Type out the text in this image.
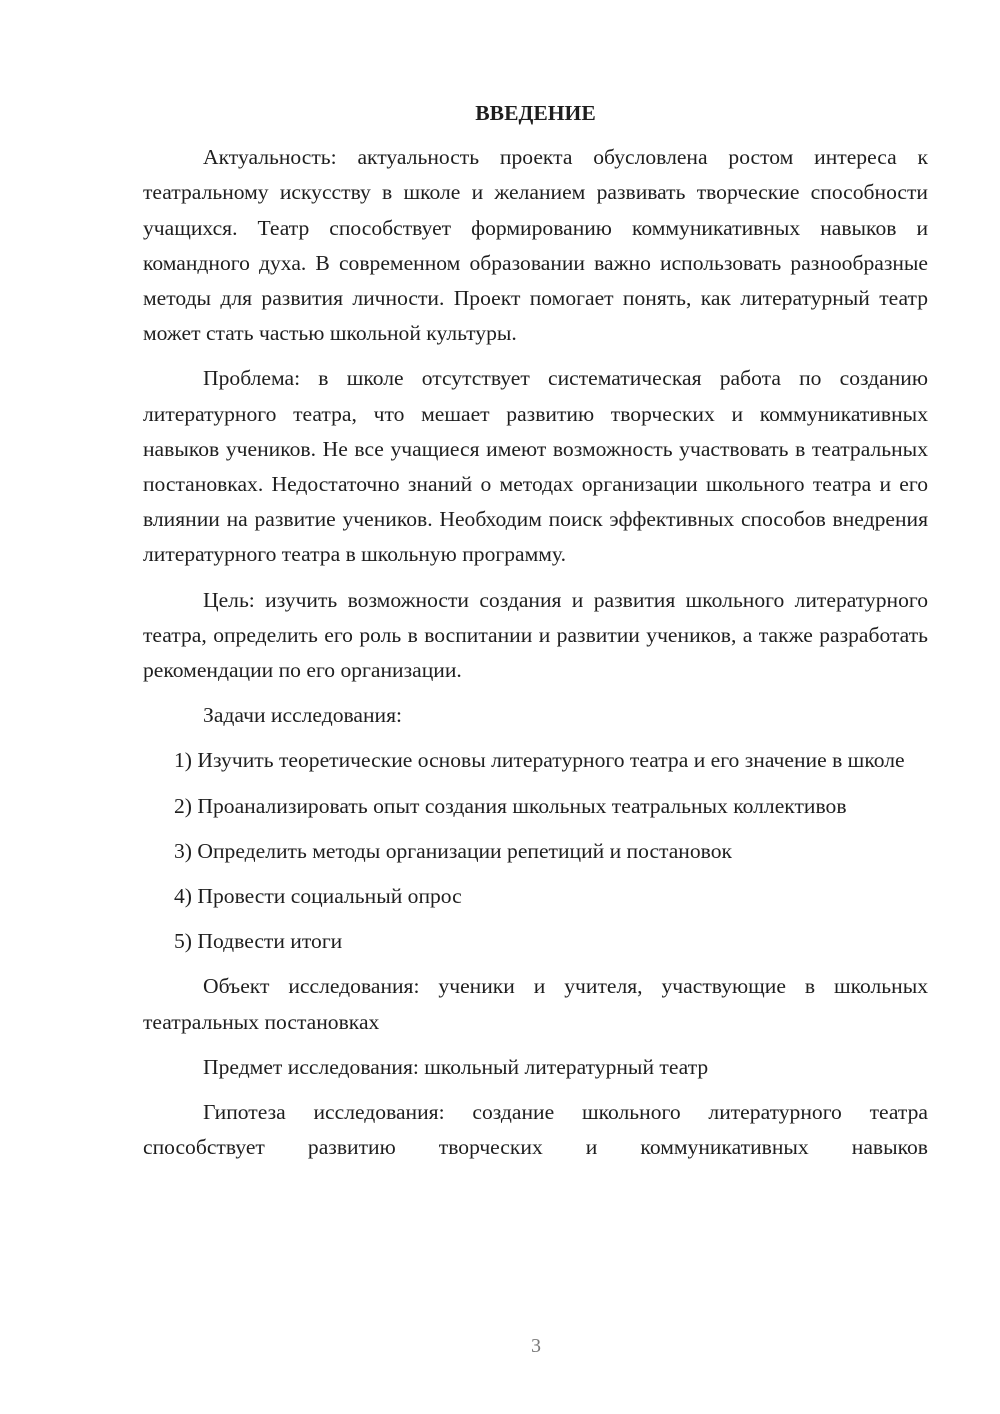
ВВЕДЕНИЕ

Актуальность: актуальность проекта обусловлена ростом интереса к театральному искусству в школе и желанием развивать творческие способности учащихся. Театр способствует формированию коммуникативных навыков и командного духа. В современном образовании важно использовать разнообразные методы для развития личности. Проект помогает понять, как литературный театр может стать частью школьной культуры.

Проблема: в школе отсутствует систематическая работа по созданию литературного театра, что мешает развитию творческих и коммуникативных навыков учеников. Не все учащиеся имеют возможность участвовать в театральных постановках. Недостаточно знаний о методах организации школьного театра и его влиянии на развитие учеников. Необходим поиск эффективных способов внедрения литературного театра в школьную программу.

Цель: изучить возможности создания и развития школьного литературного театра, определить его роль в воспитании и развитии учеников, а также разработать рекомендации по его организации.

Задачи исследования:

1) Изучить теоретические основы литературного театра и его значение в школе

2) Проанализировать опыт создания школьных театральных коллективов

3) Определить методы организации репетиций и постановок

4) Провести социальный опрос

5) Подвести итоги

Объект исследования: ученики и учителя, участвующие в школьных театральных постановках

Предмет исследования: школьный литературный театр

Гипотеза исследования: создание школьного литературного театра способствует развитию творческих и коммуникативных навыков

3
